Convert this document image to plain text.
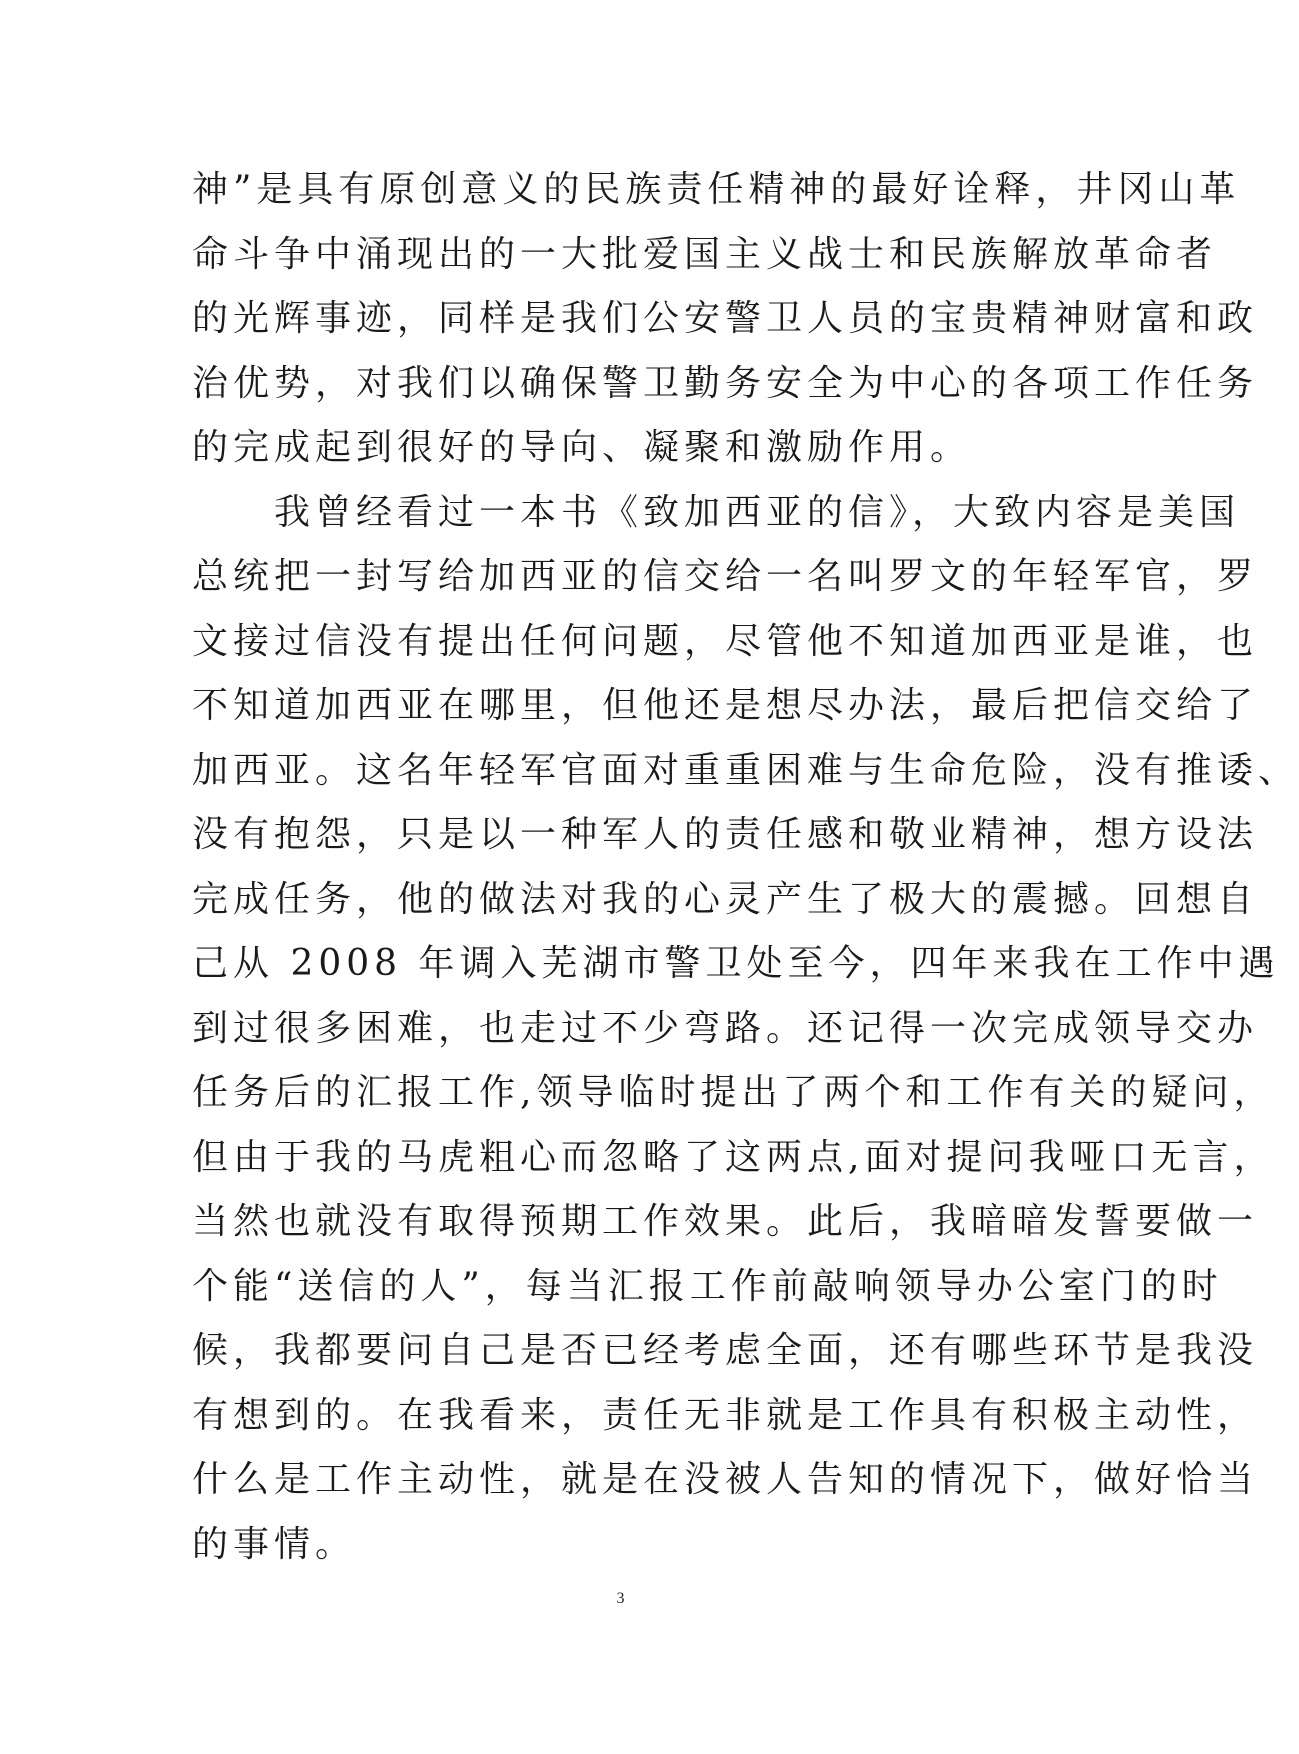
神”是具有原创意义的民族责任精神的最好诠释，井冈山革
命斗争中涌现出的一大批爱国主义战士和民族解放革命者
的光辉事迹，同样是我们公安警卫人员的宝贵精神财富和政
治优势，对我们以确保警卫勤务安全为中心的各项工作任务
的完成起到很好的导向、凝聚和激励作用。
　　我曾经看过一本书《致加西亚的信》，大致内容是美国
总统把一封写给加西亚的信交给一名叫罗文的年轻军官，罗
文接过信没有提出任何问题，尽管他不知道加西亚是谁，也
不知道加西亚在哪里，但他还是想尽办法，最后把信交给了
加西亚。这名年轻军官面对重重困难与生命危险，没有推诿、
没有抱怨，只是以一种军人的责任感和敬业精神，想方设法
完成任务，他的做法对我的心灵产生了极大的震撼。回想自
己从 2008 年调入芜湖市警卫处至今，四年来我在工作中遇
到过很多困难，也走过不少弯路。还记得一次完成领导交办
任务后的汇报工作,领导临时提出了两个和工作有关的疑问，
但由于我的马虎粗心而忽略了这两点,面对提问我哑口无言，
当然也就没有取得预期工作效果。此后，我暗暗发誓要做一
个能“送信的人”，每当汇报工作前敲响领导办公室门的时
候，我都要问自己是否已经考虑全面，还有哪些环节是我没
有想到的。在我看来，责任无非就是工作具有积极主动性，
什么是工作主动性，就是在没被人告知的情况下，做好恰当
的事情。
3
